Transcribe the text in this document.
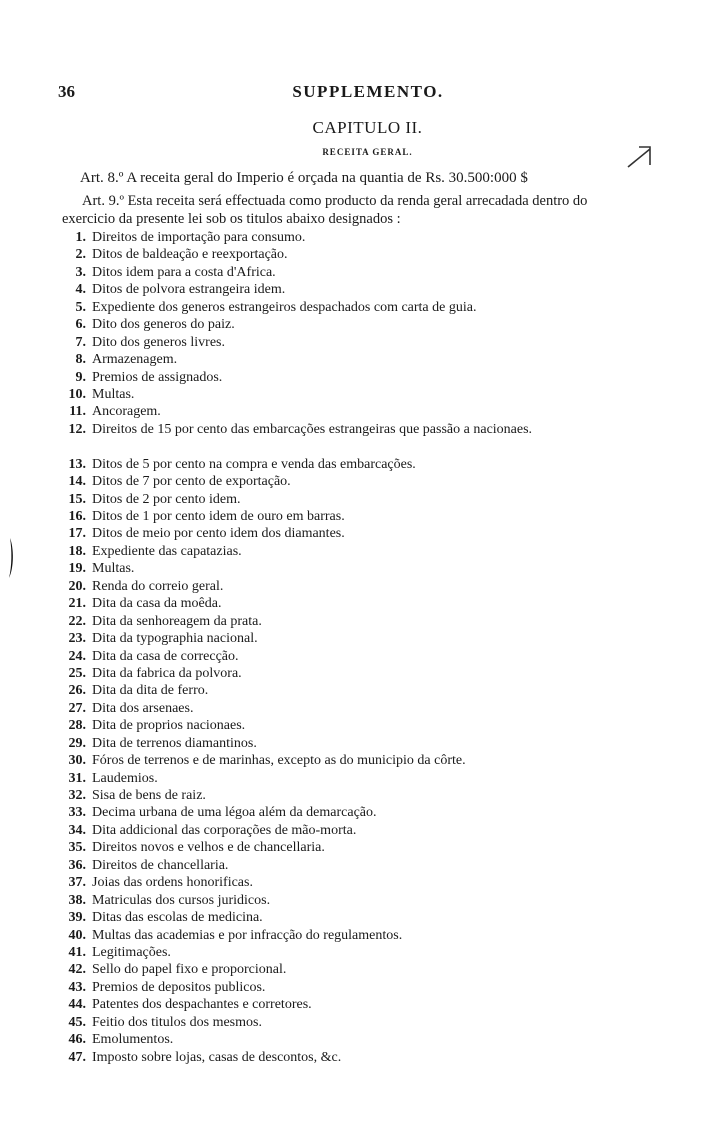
36	SUPPLEMENTO.
CAPITULO II.
RECEITA GERAL.
Art. 8.º A receita geral do Imperio é orçada na quantia de Rs. 30.500:000 $
Art. 9.º Esta receita será effectuada como producto da renda geral arrecadada dentro do exercicio da presente lei sob os titulos abaixo designados :
1. Direitos de importação para consumo.
2. Ditos de baldeação e reexportação.
3. Ditos idem para a costa d'Africa.
4. Ditos de polvora estrangeira idem.
5. Expediente dos generos estrangeiros despachados com carta de guia.
6. Dito dos generos do paiz.
7. Dito dos generos livres.
8. Armazenagem.
9. Premios de assignados.
10. Multas.
11. Ancoragem.
12. Direitos de 15 por cento das embarcações estrangeiras que passão a nacionaes.
13. Ditos de 5 por cento na compra e venda das embarcações.
14. Ditos de 7 por cento de exportação.
15. Ditos de 2 por cento idem.
16. Ditos de 1 por cento idem de ouro em barras.
17. Ditos de meio por cento idem dos diamantes.
18. Expediente das capatazias.
19. Multas.
20. Renda do correio geral.
21. Dita da casa da moêda.
22. Dita da senhoreagem da prata.
23. Dita da typographia nacional.
24. Dita da casa de correcção.
25. Dita da fabrica da polvora.
26. Dita da dita de ferro.
27. Dita dos arsenaes.
28. Dita de proprios nacionaes.
29. Dita de terrenos diamantinos.
30. Fóros de terrenos e de marinhas, excepto as do municipio da côrte.
31. Laudemios.
32. Sisa de bens de raiz.
33. Decima urbana de uma légoa além da demarcação.
34. Dita addicional das corporações de mão-morta.
35. Direitos novos e velhos e de chancellaria.
36. Direitos de chancellaria.
37. Joias das ordens honorificas.
38. Matriculas dos cursos juridicos.
39. Ditas das escolas de medicina.
40. Multas das academias e por infracção do regulamentos.
41. Legitimações.
42. Sello do papel fixo e proporcional.
43. Premios de depositos publicos.
44. Patentes dos despachantes e corretores.
45. Feitio dos titulos dos mesmos.
46. Emolumentos.
47. Imposto sobre lojas, casas de descontos, &c.
